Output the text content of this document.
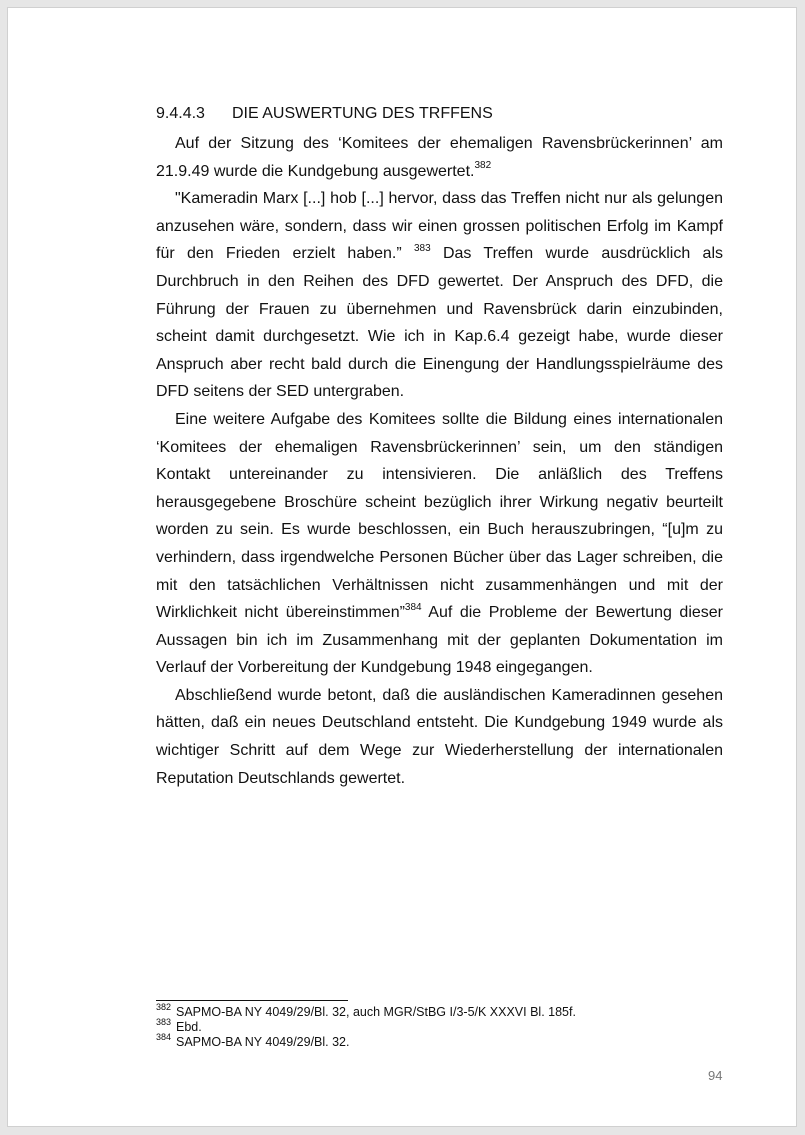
9.4.4.3 DIE AUSWERTUNG DES TRFFENS

Auf der Sitzung des ‘Komitees der ehemaligen Ravensbrückerinnen’ am 21.9.49 wurde die Kundgebung ausgewertet.$^{382}$

"Kameradin Marx [...] hob [...] hervor, dass das Treffen nicht nur als gelungen anzusehen wäre, sondern, dass wir einen grossen politischen Erfolg im Kampf für den Frieden erzielt haben.” $^{383}$ Das Treffen wurde ausdrücklich als Durchbruch in den Reihen des DFD gewertet. Der Anspruch des DFD, die Führung der Frauen zu übernehmen und Ravensbrück darin einzubinden, scheint damit durchgesetzt. Wie ich in Kap.6.4 gezeigt habe, wurde dieser Anspruch aber recht bald durch die Einengung der Handlungsspielräume des DFD seitens der SED untergraben.

Eine weitere Aufgabe des Komitees sollte die Bildung eines internationalen ‘Komitees der ehemaligen Ravensbrückerinnen’ sein, um den ständigen Kontakt untereinander zu intensivieren. Die anläßlich des Treffens herausgegebene Broschüre scheint bezüglich ihrer Wirkung negativ beurteilt worden zu sein. Es wurde beschlossen, ein Buch herauszubringen, “[u]m zu verhindern, dass irgendwelche Personen Bücher über das Lager schreiben, die mit den tatsächlichen Verhältnissen nicht zusammenhängen und mit der Wirklichkeit nicht übereinstimmen”$^{384}$ Auf die Probleme der Bewertung dieser Aussagen bin ich im Zusammenhang mit der geplanten Dokumentation im Verlauf der Vorbereitung der Kundgebung 1948 eingegangen.

Abschließend wurde betont, daß die ausländischen Kameradinnen gesehen hätten, daß ein neues Deutschland entsteht. Die Kundgebung 1949 wurde als wichtiger Schritt auf dem Wege zur Wiederherstellung der internationalen Reputation Deutschlands gewertet.

$^{382}$ SAPMO-BA NY 4049/29/Bl. 32, auch MGR/StBG I/3-5/K XXXVI Bl. 185f.
$^{383}$ Ebd.
$^{384}$ SAPMO-BA NY 4049/29/Bl. 32.
94
